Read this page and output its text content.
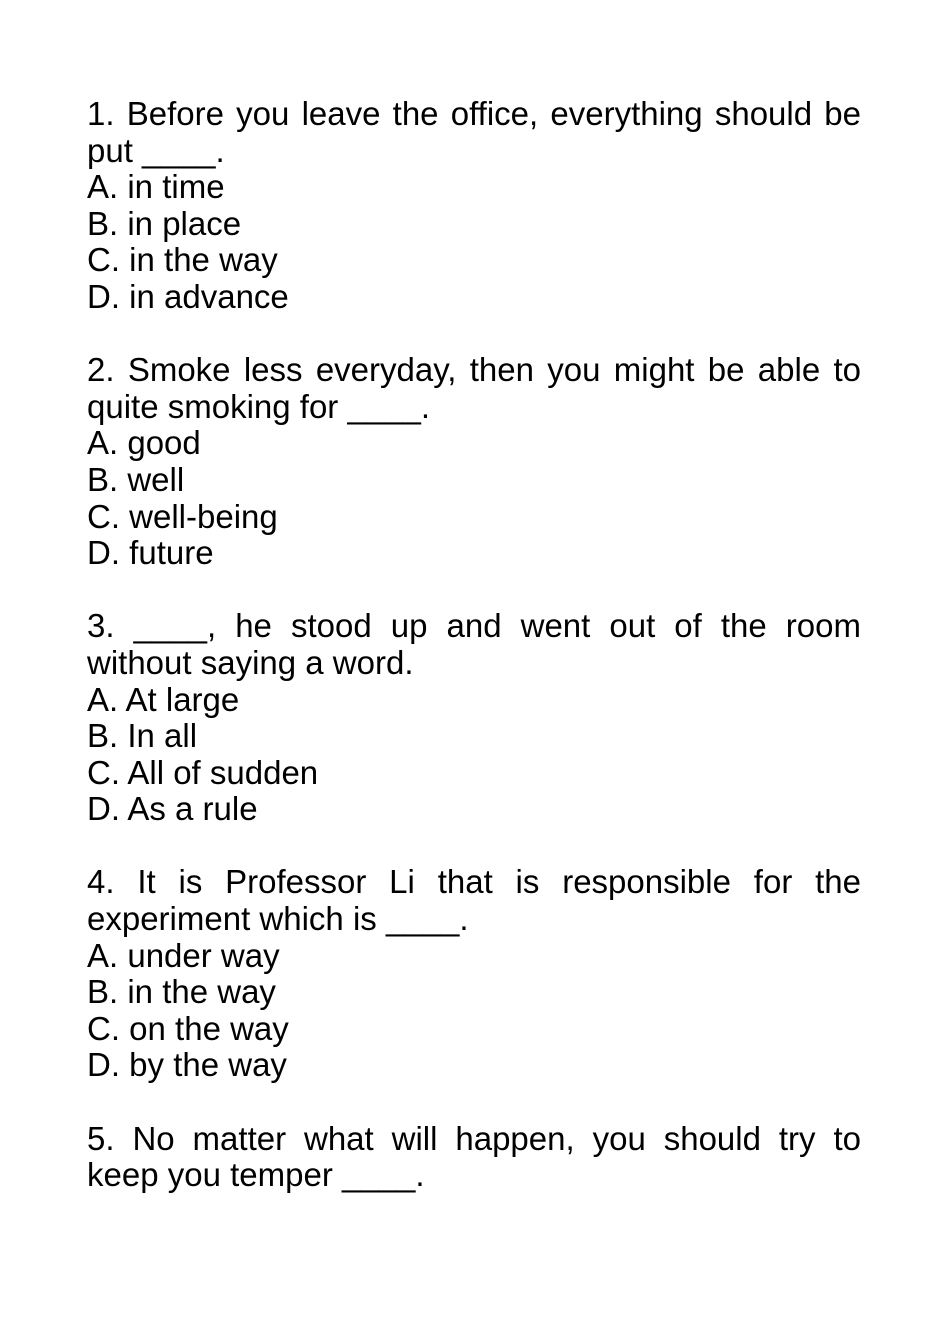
1. Before you leave the office, everything should be put ____.
A. in time
B. in place
C. in the way
D. in advance
2. Smoke less everyday, then you might be able to quite smoking for ____.
A. good
B. well
C. well-being
D. future
3. ____, he stood up and went out of the room without saying a word.
A. At large
B. In all
C. All of sudden
D. As a rule
4. It is Professor Li that is responsible for the experiment which is ____.
A. under way
B. in the way
C. on the way
D. by the way
5. No matter what will happen, you should try to keep you temper ____.
